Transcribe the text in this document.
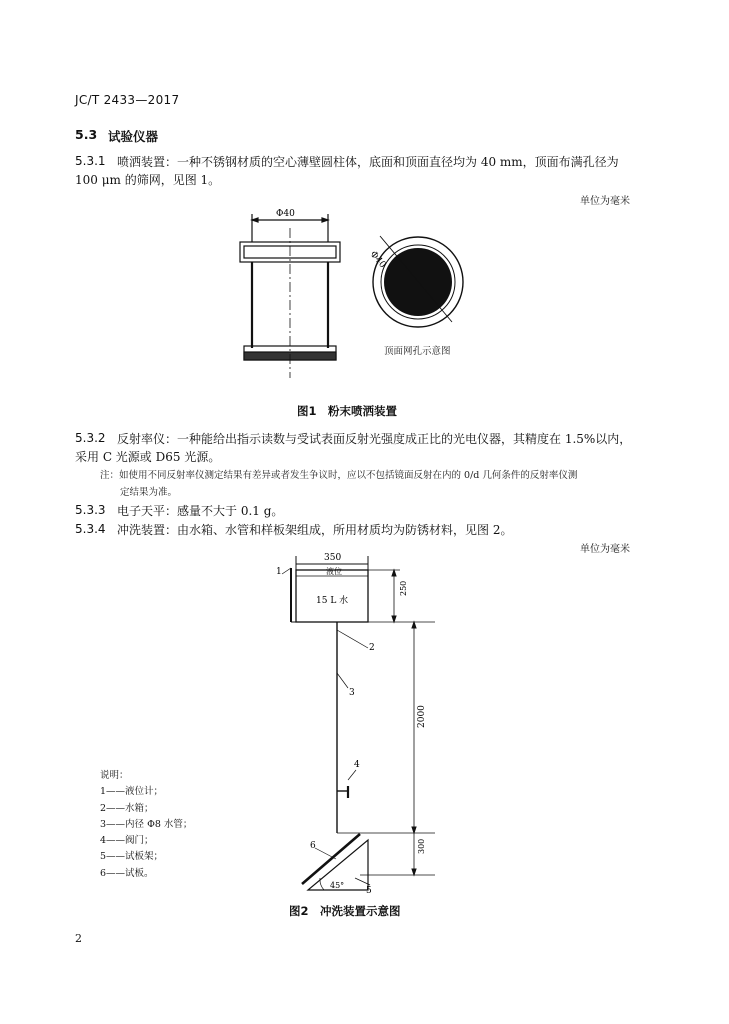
JC/T 2433—2017
5.3 试验仪器
5.3.1 喷洒装置：一种不锈钢材质的空心薄壁圆柱体，底面和顶面直径均为 40 mm，顶面布满孔径为
100 μm 的筛网，见图 1。
单位为毫米
Φ40
Φ40
顶面网孔示意图
图1　粉末喷洒装置
5.3.2 反射率仪：一种能给出指示读数与受试表面反射光强度成正比的光电仪器，其精度在 1.5%以内，
采用 C 光源或 D65 光源。
注：如使用不同反射率仪测定结果有差异或者发生争议时，应以不包括镜面反射在内的 0/d 几何条件的反射率仪测
定结果为准。
5.3.3 电子天平：感量不大于 0.1 g。
5.3.4 冲洗装置：由水箱、水管和样板架组成，所用材质均为防锈材料，见图 2。
单位为毫米
350
液位
15 L 水
250
2000
300
45°
1
2
3
4
5
6
说明：
1——液位计；
2——水箱；
3——内径 Φ8 水管；
4——阀门；
5——试板架；
6——试板。
图2　冲洗装置示意图
2
